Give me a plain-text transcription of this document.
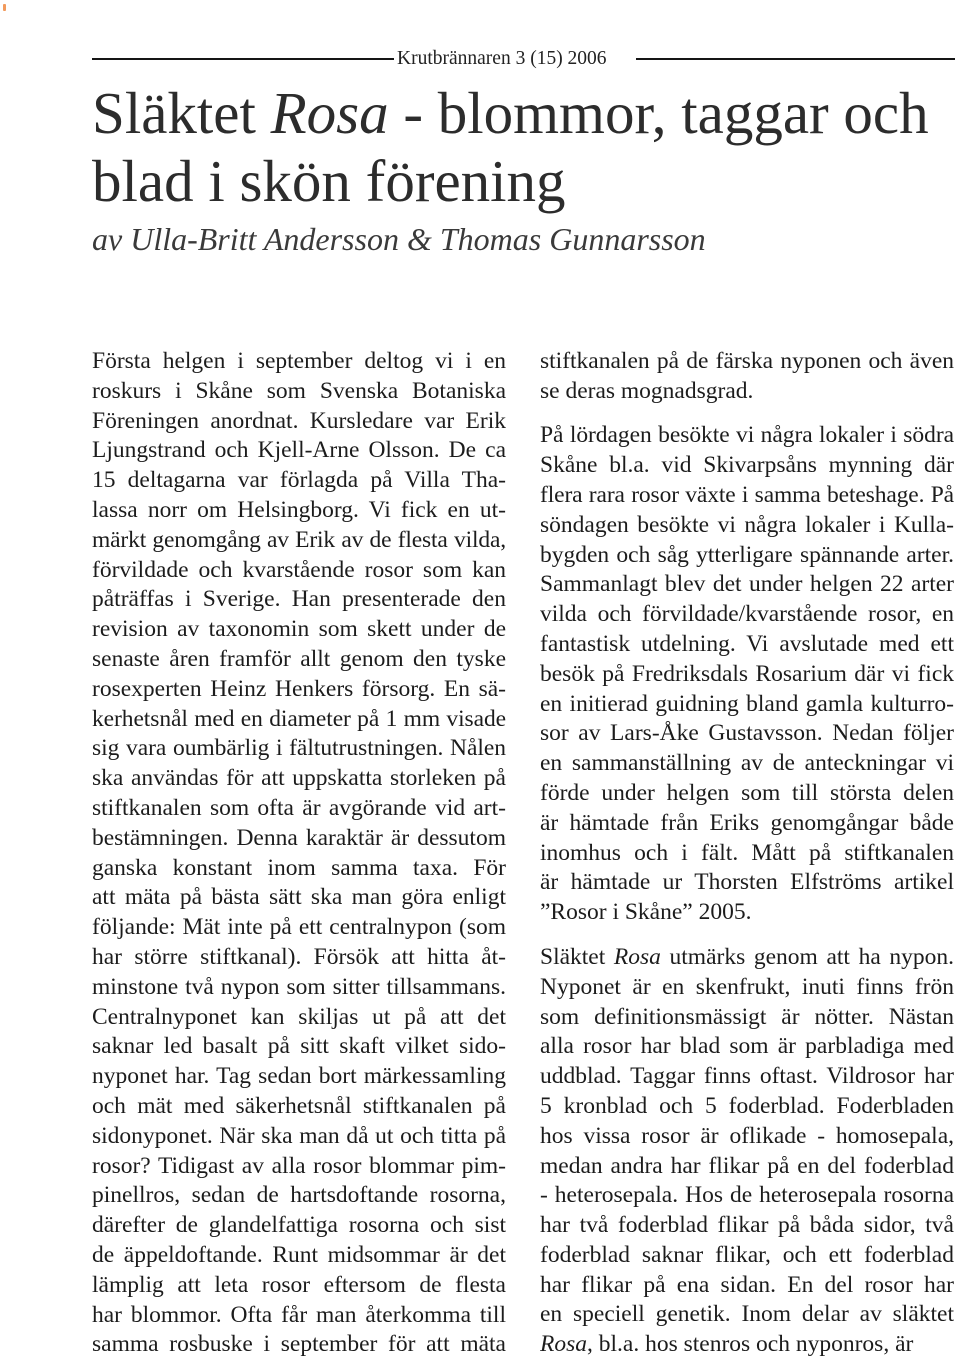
Krutbrännaren 3 (15) 2006
Släktet Rosa - blommor, taggar och
blad i skön förening

av Ulla-Britt Andersson & Thomas Gunnarsson

Första helgen i september deltog vi i en
roskurs i Skåne som Svenska Botaniska
Föreningen anordnat. Kursledare var Erik
Ljungstrand och Kjell-Arne Olsson. De ca
15 deltagarna var förlagda på Villa Tha-
lassa norr om Helsingborg. Vi fick en ut-
märkt genomgång av Erik av de flesta vilda,
förvildade och kvarstående rosor som kan
påträffas i Sverige. Han presenterade den
revision av taxonomin som skett under de
senaste åren framför allt genom den tyske
rosexperten Heinz Henkers försorg. En sä-
kerhetsnål med en diameter på 1 mm visade
sig vara oumbärlig i fältutrustningen. Nålen
ska användas för att uppskatta storleken på
stiftkanalen som ofta är avgörande vid art-
bestämningen. Denna karaktär är dessutom
ganska konstant inom samma taxa. För
att mäta på bästa sätt ska man göra enligt
följande: Mät inte på ett centralnypon (som
har större stiftkanal). Försök att hitta åt-
minstone två nypon som sitter tillsammans.
Centralnyponet kan skiljas ut på att det
saknar led basalt på sitt skaft vilket sido-
nyponet har. Tag sedan bort märkessamling
och mät med säkerhetsnål stiftkanalen på
sidonyponet. När ska man då ut och titta på
rosor? Tidigast av alla rosor blommar pim-
pinellros, sedan de hartsdoftande rosorna,
därefter de glandelfattiga rosorna och sist
de äppeldoftande. Runt midsommar är det
lämplig att leta rosor eftersom de flesta
har blommor. Ofta får man återkomma till
samma rosbuske i september för att mäta
stiftkanalen på de färska nyponen och även
se deras mognadsgrad.
På lördagen besökte vi några lokaler i södra
Skåne bl.a. vid Skivarpsåns mynning där
flera rara rosor växte i samma beteshage. På
söndagen besökte vi några lokaler i Kulla-
bygden och såg ytterligare spännande arter.
Sammanlagt blev det under helgen 22 arter
vilda och förvildade/kvarstående rosor, en
fantastisk utdelning. Vi avslutade med ett
besök på Fredriksdals Rosarium där vi fick
en initierad guidning bland gamla kulturro-
sor av Lars-Åke Gustavsson. Nedan följer
en sammanställning av de anteckningar vi
förde under helgen som till största delen
är hämtade från Eriks genomgångar både
inomhus och i fält. Mått på stiftkanalen
är hämtade ur Thorsten Elfströms artikel
”Rosor i Skåne” 2005.
Släktet Rosa utmärks genom att ha nypon.
Nyponet är en skenfrukt, inuti finns frön
som definitionsmässigt är nötter. Nästan
alla rosor har blad som är parbladiga med
uddblad. Taggar finns oftast. Vildrosor har
5 kronblad och 5 foderblad. Foderbladen
hos vissa rosor är oflikade - homosepala,
medan andra har flikar på en del foderblad
- heterosepala. Hos de heterosepala rosorna
har två foderblad flikar på båda sidor, två
foderblad saknar flikar, och ett foderblad
har flikar på ena sidan. En del rosor har
en speciell genetik. Inom delar av släktet
Rosa, bl.a. hos stenros och nyponros, är
